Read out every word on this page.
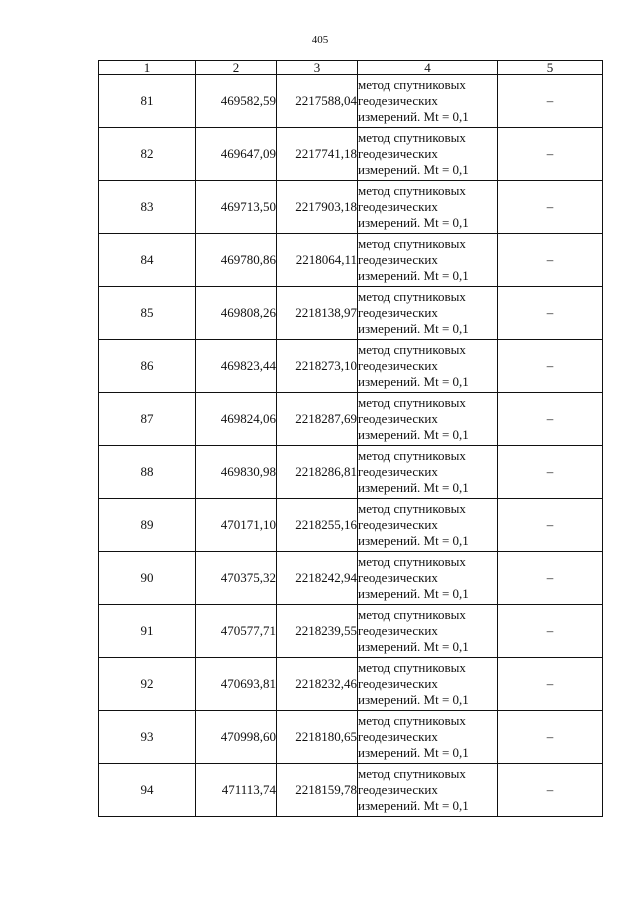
405
1	2	3	4	5
81	469582,59	2217588,04	метод спутниковых
геодезических
измерений. Mt = 0,1	–
82	469647,09	2217741,18	метод спутниковых
геодезических
измерений. Mt = 0,1	–
83	469713,50	2217903,18	метод спутниковых
геодезических
измерений. Mt = 0,1	–
84	469780,86	2218064,11	метод спутниковых
геодезических
измерений. Mt = 0,1	–
85	469808,26	2218138,97	метод спутниковых
геодезических
измерений. Mt = 0,1	–
86	469823,44	2218273,10	метод спутниковых
геодезических
измерений. Mt = 0,1	–
87	469824,06	2218287,69	метод спутниковых
геодезических
измерений. Mt = 0,1	–
88	469830,98	2218286,81	метод спутниковых
геодезических
измерений. Mt = 0,1	–
89	470171,10	2218255,16	метод спутниковых
геодезических
измерений. Mt = 0,1	–
90	470375,32	2218242,94	метод спутниковых
геодезических
измерений. Mt = 0,1	–
91	470577,71	2218239,55	метод спутниковых
геодезических
измерений. Mt = 0,1	–
92	470693,81	2218232,46	метод спутниковых
геодезических
измерений. Mt = 0,1	–
93	470998,60	2218180,65	метод спутниковых
геодезических
измерений. Mt = 0,1	–
94	471113,74	2218159,78	метод спутниковых
геодезических
измерений. Mt = 0,1	–
